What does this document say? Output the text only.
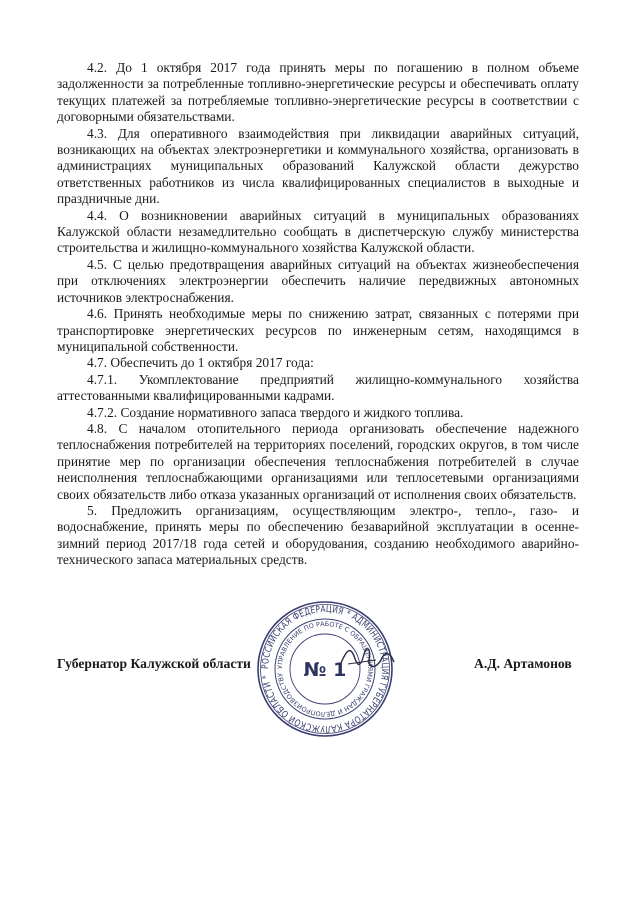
4.2. До 1 октября 2017 года принять меры по погашению в полном объеме задолженности за потребленные топливно-энергетические ресурсы и обеспечивать оплату текущих платежей за потребляемые топливно-энергетические ресурсы в соответствии с договорными обязательствами.

4.3. Для оперативного взаимодействия при ликвидации аварийных ситуаций, возникающих на объектах электроэнергетики и коммунального хозяйства, организовать в администрациях муниципальных образований Калужской области дежурство ответственных работников из числа квалифицированных специалистов в выходные и праздничные дни.

4.4. О возникновении аварийных ситуаций в муниципальных образованиях Калужской области незамедлительно сообщать в диспетчерскую службу министерства строительства и жилищно-коммунального хозяйства Калужской области.

4.5. С целью предотвращения аварийных ситуаций на объектах жизнеобеспечения при отключениях электроэнергии обеспечить наличие передвижных автономных источников электроснабжения.

4.6. Принять необходимые меры по снижению затрат, связанных с потерями при транспортировке энергетических ресурсов по инженерным сетям, находящимся в муниципальной собственности.

4.7. Обеспечить до 1 октября 2017 года:

4.7.1. Укомплектование предприятий жилищно-коммунального хозяйства аттестованными квалифицированными кадрами.

4.7.2. Создание нормативного запаса твердого и жидкого топлива.

4.8. С началом отопительного периода организовать обеспечение надежного теплоснабжения потребителей на территориях поселений, городских округов, в том числе принятие мер по организации обеспечения теплоснабжения потребителей в случае неисполнения теплоснабжающими организациями или теплосетевыми организациями своих обязательств либо отказа указанных организаций от исполнения своих обязательств.

5. Предложить организациям, осуществляющим электро-, тепло-, газо- и водоснабжение, принять меры по обеспечению безаварийной эксплуатации в осенне-зимний период 2017/18 года сетей и оборудования, созданию необходимого аварийно-технического запаса материальных средств.

РОССИЙСКАЯ ФЕДЕРАЦИЯ * АДМИНИСТРАЦИЯ ГУБЕРНАТОРА КАЛУЖСКОЙ ОБЛАСТИ *
УПРАВЛЕНИЕ ПО РАБОТЕ С ОБРАЩЕНИЯМИ ГРАЖДАН И ДЕЛОПРОИЗВОДСТВУ	№ 1
Губернатор Калужской области	А.Д. Артамонов
